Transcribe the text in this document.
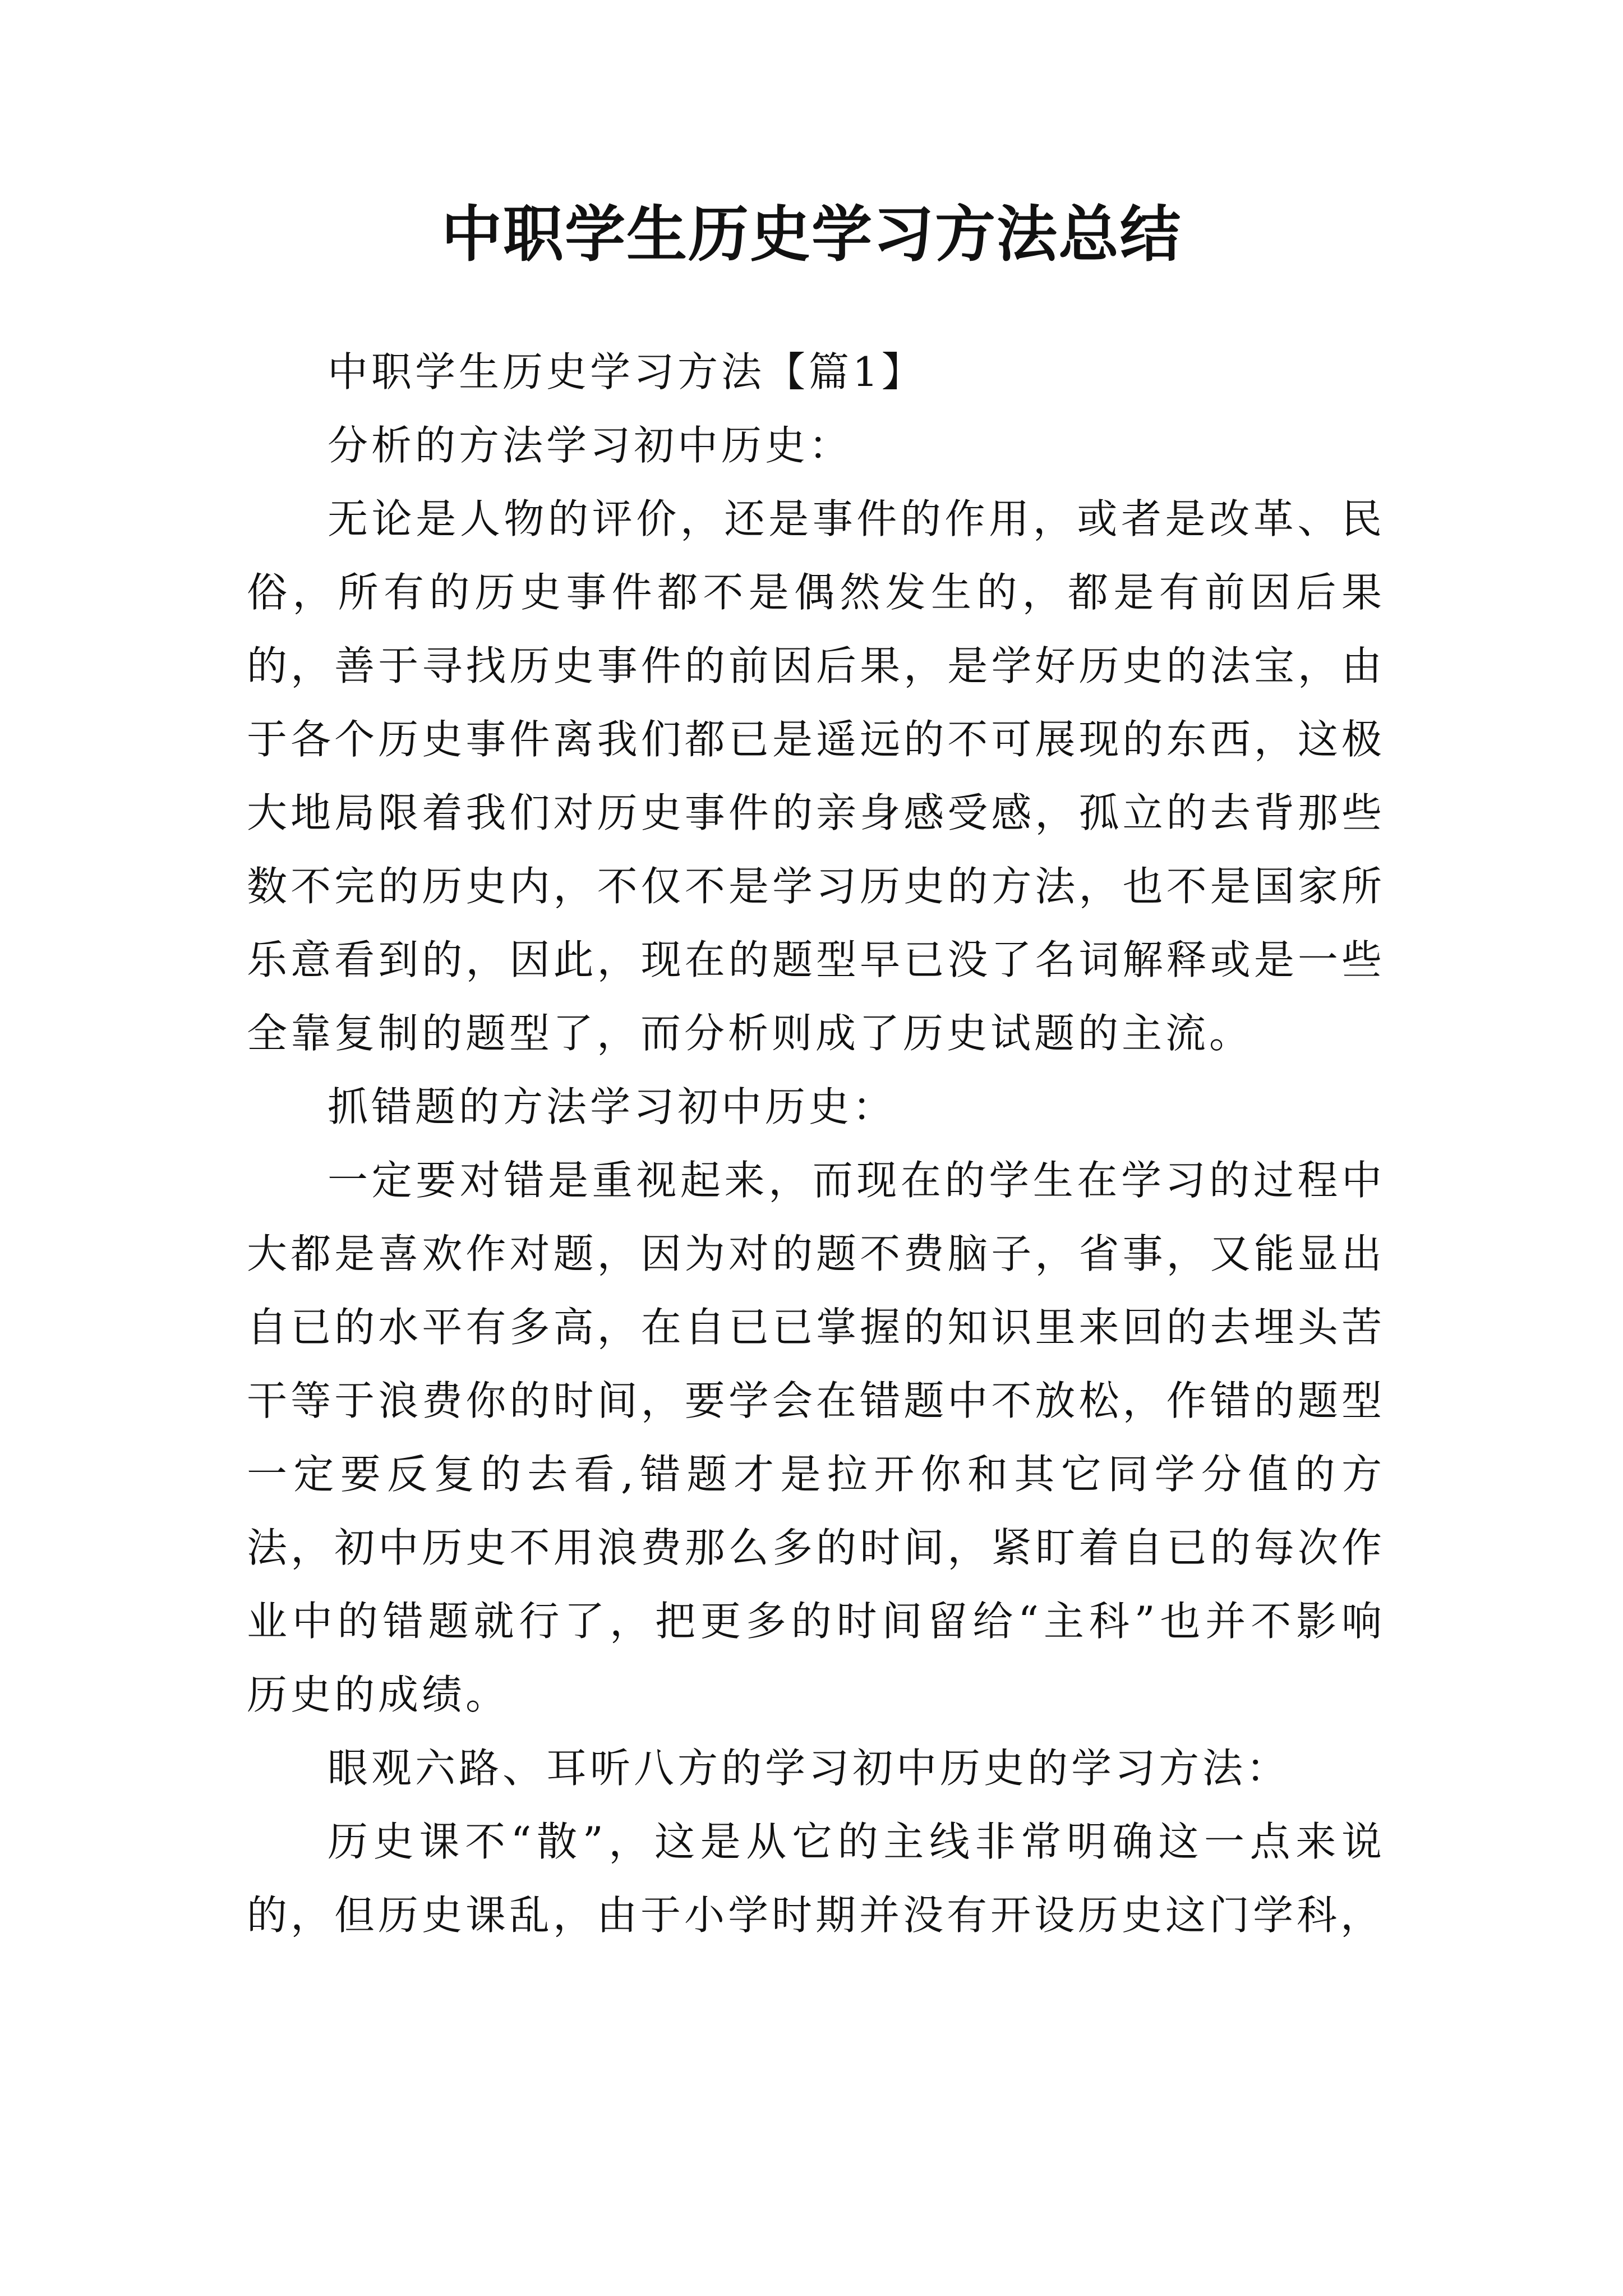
中职学生历史学习方法总结

中职学生历史学习方法【篇1】

分析的方法学习初中历史：

无论是人物的评价，还是事件的作用，或者是改革、民俗，所有的历史事件都不是偶然发生的，都是有前因后果的，善于寻找历史事件的前因后果，是学好历史的法宝，由于各个历史事件离我们都已是遥远的不可展现的东西，这极大地局限着我们对历史事件的亲身感受感，孤立的去背那些数不完的历史内，不仅不是学习历史的方法，也不是国家所乐意看到的，因此，现在的题型早已没了名词解释或是一些全靠复制的题型了，而分析则成了历史试题的主流。

抓错题的方法学习初中历史：

一定要对错是重视起来，而现在的学生在学习的过程中大都是喜欢作对题，因为对的题不费脑子，省事，又能显出自已的水平有多高，在自已已掌握的知识里来回的去埋头苦干等于浪费你的时间，要学会在错题中不放松，作错的题型一定要反复的去看,错题才是拉开你和其它同学分值的方法，初中历史不用浪费那么多的时间，紧盯着自已的每次作业中的错题就行了，把更多的时间留给“主科”也并不影响历史的成绩。

眼观六路、耳听八方的学习初中历史的学习方法：

历史课不“散”，这是从它的主线非常明确这一点来说的，但历史课乱，由于小学时期并没有开设历史这门学科，
